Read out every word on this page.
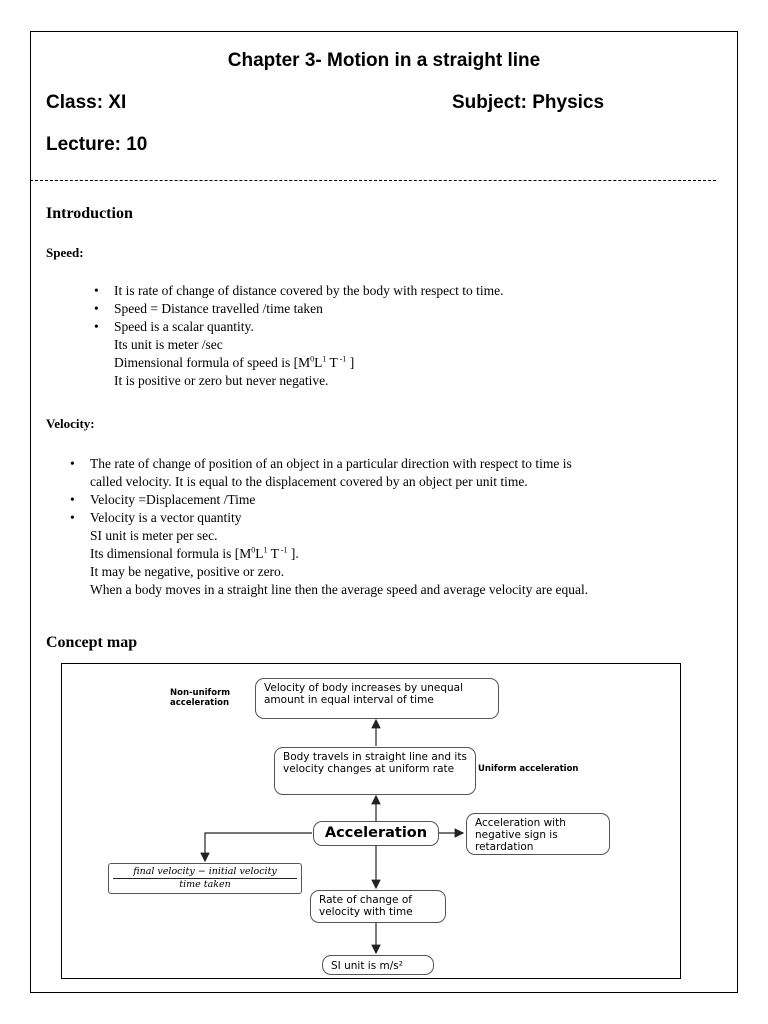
Chapter 3- Motion in a straight line
Class: XI	Subject: Physics
Lecture: 10
Introduction
Speed:
• It is rate of change of distance covered by the body with respect to time.
• Speed = Distance travelled /time taken
• Speed is a scalar quantity.
Its unit is meter /sec
Dimensional formula of speed is [$M^0L^1$ T $^{-1}$ ]
It is positive or zero but never negative.
Velocity:
• The rate of change of position of an object in a particular direction with respect to time is
called velocity. It is equal to the displacement covered by an object per unit time.
• Velocity =Displacement /Time
• Velocity is a vector quantity
SI unit is meter per sec.
Its dimensional formula is [$M^0L^1$ T $^{-1}$ ].
It may be negative, positive or zero.
When a body moves in a straight line then the average speed and average velocity are equal.
Concept map
Non-uniform acceleration
Velocity of body increases by unequal amount in equal interval of time
Body travels in straight line and its velocity changes at uniform rate	Uniform acceleration
Acceleration
Acceleration with negative sign is retardation
final velocity − initial velocity
time taken
Rate of change of velocity with time
SI unit is m/s²
